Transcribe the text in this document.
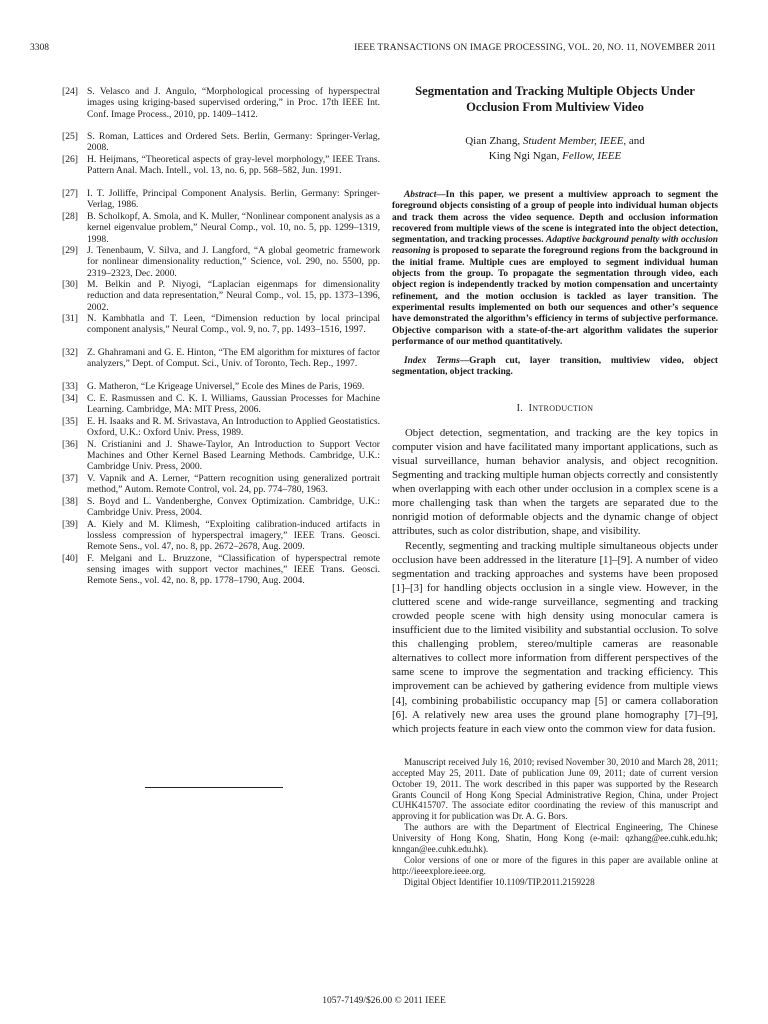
3308	IEEE TRANSACTIONS ON IMAGE PROCESSING, VOL. 20, NO. 11, NOVEMBER 2011
[24] S. Velasco and J. Angulo, “Morphological processing of hyperspectral images using kriging-based supervised ordering,” in Proc. 17th IEEE Int. Conf. Image Process., 2010, pp. 1409–1412.
[25] S. Roman, Lattices and Ordered Sets. Berlin, Germany: Springer-Verlag, 2008.
[26] H. Heijmans, “Theoretical aspects of gray-level morphology,” IEEE Trans. Pattern Anal. Mach. Intell., vol. 13, no. 6, pp. 568–582, Jun. 1991.
[27] I. T. Jolliffe, Principal Component Analysis. Berlin, Germany: Springer-Verlag, 1986.
[28] B. Scholkopf, A. Smola, and K. Muller, “Nonlinear component analysis as a kernel eigenvalue problem,” Neural Comp., vol. 10, no. 5, pp. 1299–1319, 1998.
[29] J. Tenenbaum, V. Silva, and J. Langford, “A global geometric framework for nonlinear dimensionality reduction,” Science, vol. 290, no. 5500, pp. 2319–2323, Dec. 2000.
[30] M. Belkin and P. Niyogi, “Laplacian eigenmaps for dimensionality reduction and data representation,” Neural Comp., vol. 15, pp. 1373–1396, 2002.
[31] N. Kambhatla and T. Leen, “Dimension reduction by local principal component analysis,” Neural Comp., vol. 9, no. 7, pp. 1493–1516, 1997.
[32] Z. Ghahramani and G. E. Hinton, “The EM algorithm for mixtures of factor analyzers,” Dept. of Comput. Sci., Univ. of Toronto, Tech. Rep., 1997.
[33] G. Matheron, “Le Krigeage Universel,” Ecole des Mines de Paris, 1969.
[34] C. E. Rasmussen and C. K. I. Williams, Gaussian Processes for Machine Learning. Cambridge, MA: MIT Press, 2006.
[35] E. H. Isaaks and R. M. Srivastava, An Introduction to Applied Geostatistics. Oxford, U.K.: Oxford Univ. Press, 1989.
[36] N. Cristianini and J. Shawe-Taylor, An Introduction to Support Vector Machines and Other Kernel Based Learning Methods. Cambridge, U.K.: Cambridge Univ. Press, 2000.
[37] V. Vapnik and A. Lerner, “Pattern recognition using generalized portrait method,” Autom. Remote Control, vol. 24, pp. 774–780, 1963.
[38] S. Boyd and L. Vandenberghe, Convex Optimization. Cambridge, U.K.: Cambridge Univ. Press, 2004.
[39] A. Kiely and M. Klimesh, “Exploiting calibration-induced artifacts in lossless compression of hyperspectral imagery,” IEEE Trans. Geosci. Remote Sens., vol. 47, no. 8, pp. 2672–2678, Aug. 2009.
[40] F. Melgani and L. Bruzzone, “Classification of hyperspectral remote sensing images with support vector machines,” IEEE Trans. Geosci. Remote Sens., vol. 42, no. 8, pp. 1778–1790, Aug. 2004.
Segmentation and Tracking Multiple Objects Under Occlusion From Multiview Video
Qian Zhang, Student Member, IEEE, and
King Ngi Ngan, Fellow, IEEE
Abstract—In this paper, we present a multiview approach to segment the foreground objects consisting of a group of people into individual human objects and track them across the video sequence. Depth and occlusion information recovered from multiple views of the scene is integrated into the object detection, segmentation, and tracking processes. Adaptive background penalty with occlusion reasoning is proposed to separate the foreground regions from the background in the initial frame. Multiple cues are employed to segment individual human objects from the group. To propagate the segmentation through video, each object region is independently tracked by motion compensation and uncertainty refinement, and the motion occlusion is tackled as layer transition. The experimental results implemented on both our sequences and other’s sequence have demonstrated the algorithm’s efficiency in terms of subjective performance. Objective comparison with a state-of-the-art algorithm validates the superior performance of our method quantitatively.
Index Terms—Graph cut, layer transition, multiview video, object segmentation, object tracking.
I. INTRODUCTION

Object detection, segmentation, and tracking are the key topics in computer vision and have facilitated many important applications, such as visual surveillance, human behavior analysis, and object recognition. Segmenting and tracking multiple human objects correctly and consistently when overlapping with each other under occlusion in a complex scene is a more challenging task than when the targets are separated due to the nonrigid motion of deformable objects and the dynamic change of object attributes, such as color distribution, shape, and visibility.

Recently, segmenting and tracking multiple simultaneous objects under occlusion have been addressed in the literature [1]–[9]. A number of video segmentation and tracking approaches and systems have been proposed [1]–[3] for handling objects occlusion in a single view. However, in the cluttered scene and wide-range surveillance, segmenting and tracking crowded people scene with high density using monocular camera is insufficient due to the limited visibility and substantial occlusion. To solve this challenging problem, stereo/multiple cameras are reasonable alternatives to collect more information from different perspectives of the same scene to improve the segmentation and tracking efficiency. This improvement can be achieved by gathering evidence from multiple views [4], combining probabilistic occupancy map [5] or camera collaboration [6]. A relatively new area uses the ground plane homography [7]–[9], which projects feature in each view onto the common view for data fusion.

Manuscript received July 16, 2010; revised November 30, 2010 and March 28, 2011; accepted May 25, 2011. Date of publication June 09, 2011; date of current version October 19, 2011. The work described in this paper was supported by the Research Grants Council of Hong Kong Special Administrative Region, China, under Project CUHK415707. The associate editor coordinating the review of this manuscript and approving it for publication was Dr. A. G. Bors.

The authors are with the Department of Electrical Engineering, The Chinese University of Hong Kong, Shatin, Hong Kong (e-mail: qzhang@ee.cuhk.edu.hk; knngan@ee.cuhk.edu.hk).

Color versions of one or more of the figures in this paper are available online at http://ieeexplore.ieee.org.

Digital Object Identifier 10.1109/TIP.2011.2159228

1057-7149/$26.00 © 2011 IEEE
